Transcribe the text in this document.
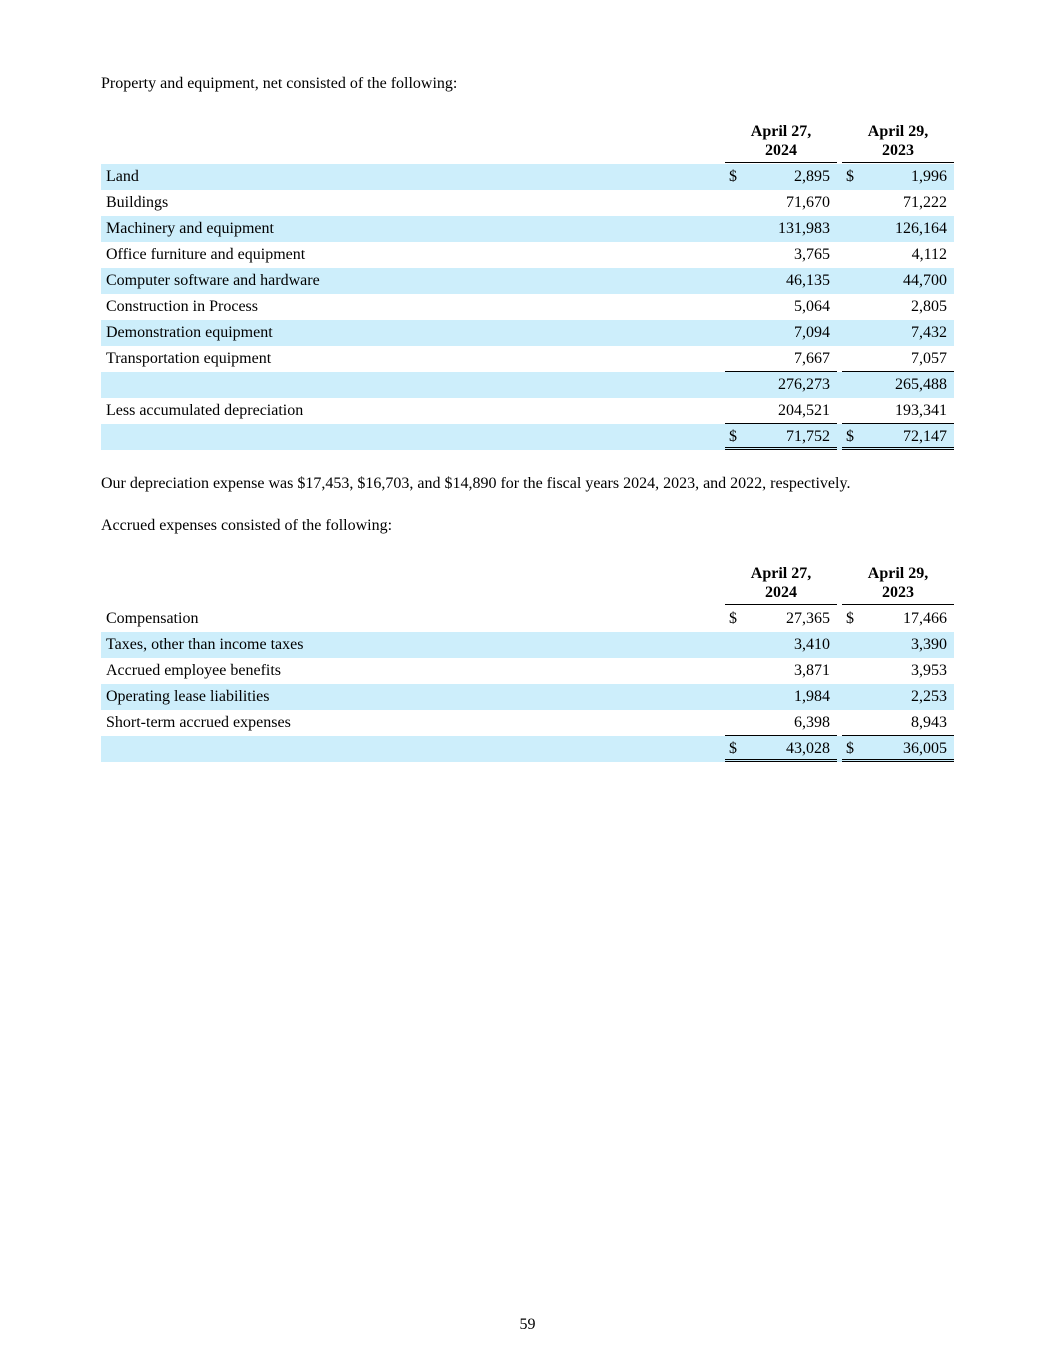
Property and equipment, net consisted of the following:

April 27,
2024
April 29,
2023
Land	$	2,895 $	1,996
Buildings	71,670	71,222
Machinery and equipment	131,983	126,164
Office furniture and equipment	3,765	4,112
Computer software and hardware	46,135	44,700
Construction in Process	5,064	2,805
Demonstration equipment	7,094	7,432
Transportation equipment	7,667	7,057
276,273	265,488
Less accumulated depreciation	204,521	193,341
$	71,752 $	72,147

Our depreciation expense was $17,453, $16,703, and $14,890 for the fiscal years 2024, 2023, and 2022, respectively.

Accrued expenses consisted of the following:

April 27,
2024
April 29,
2023
Compensation	$	27,365 $	17,466
Taxes, other than income taxes	3,410	3,390
Accrued employee benefits	3,871	3,953
Operating lease liabilities	1,984	2,253
Short-term accrued expenses	6,398	8,943
$	43,028 $	36,005
59
